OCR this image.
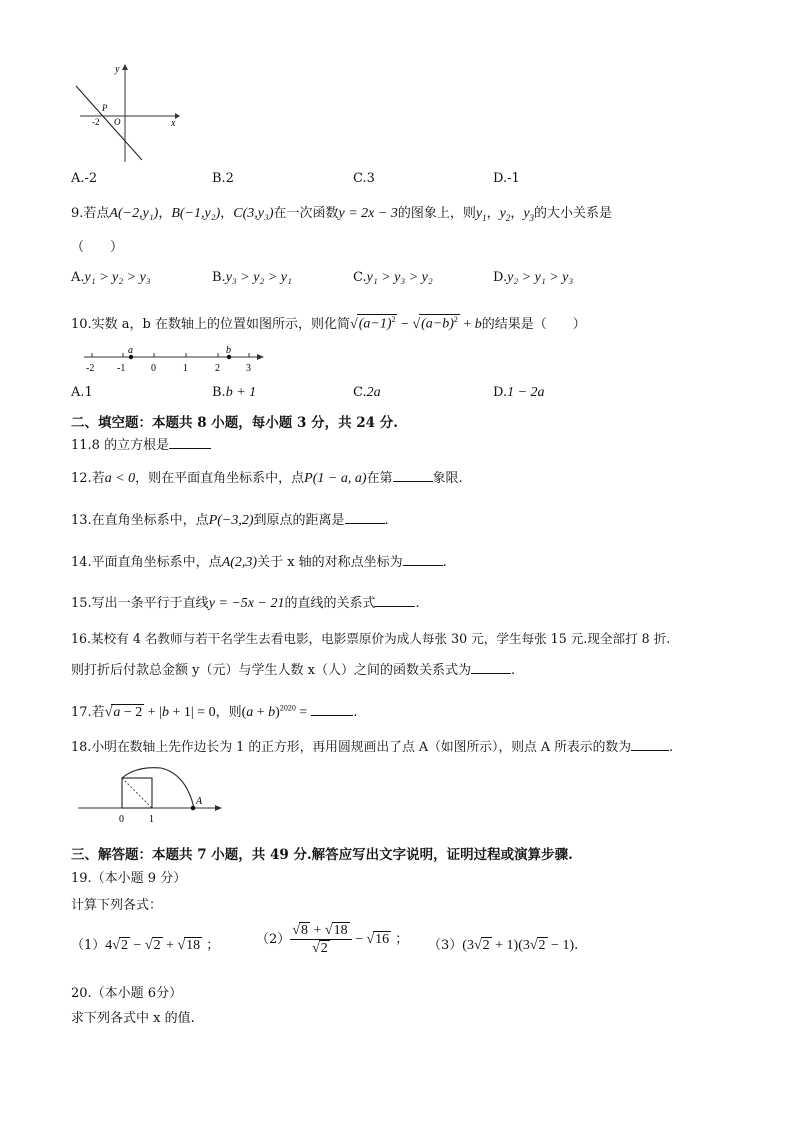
y
x
P
-2 O
A.-2	B.2	C.3	D.-1
9.若点A(−2,y₁)，B(−1,y₂)，C(3,y₃)在一次函数y = 2x − 3的图象上，则$y_1$，$y_2$，$y_3$的大小关系是
（　　）
A.y₁ > y₂ > y₃	B.y₃ > y₂ > y₁	C.y₁ > y₃ > y₂	D.y₂ > y₁ > y₃
10.实数 a，b 在数轴上的位置如图所示，则化简$√(a-1)^2 - √(a-b)^2 + b$的结果是（　　）
a	b
-2 -1	0	1	2	3
A.1	B.b + 1	C.2a	D.1 − 2a
二、填空题：本题共 8 小题，每小题 3 分，共 24 分.
11.8 的立方根是
12.若a < 0，则在平面直角坐标系中，点P(1 − a, a)在第	象限.
13.在直角坐标系中，点P(−3,2)到原点的距离是	.
14.平面直角坐标系中，点A(2,3)关于 x 轴的对称点坐标为	.
15.写出一条平行于直线y = −5x − 21的直线的关系式	.
16.某校有 4 名教师与若干名学生去看电影，电影票原价为成人每张 30 元，学生每张 15 元.现全部打 8 折.
则打折后付款总金额 y（元）与学生人数 x（人）之间的函数关系式为	.
17.若√a − 2 + |b + 1| = 0，则$(a + b)^{2020}$ =	.
18.小明在数轴上先作边长为 1 的正方形，再用圆规画出了点 A（如图所示），则点 A 所表示的数为	.
0	1
A
三、解答题：本题共 7 小题，共 49 分.解答应写出文字说明，证明过程或演算步骤.
19.（本小题 9 分）
计算下列各式：
（1）4√2 − √2 + √18 ；	$(2) \frac{√8 + √18}{√2} - √16$ ； （3）(3√2 + 1)(3√2 − 1).
20.（本小题 6分）
求下列各式中 x 的值.
